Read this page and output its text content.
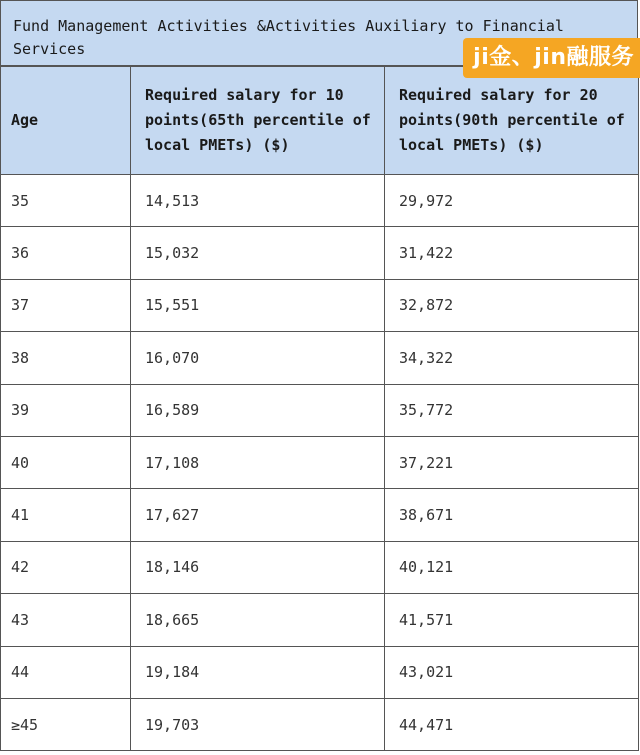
Fund Management Activities &Activities Auxiliary to Financial Services
Age	Required salary for 10 points(65th percentile of local PMETs) ($)	Required salary for 20 points(90th percentile of local PMETs) ($)
35	14,513	29,972
36	15,032	31,422
37	15,551	32,872
38	16,070	34,322
39	16,589	35,772
40	17,108	37,221
41	17,627	38,671
42	18,146	40,121
43	18,665	41,571
44	19,184	43,021
≥45	19,703	44,471
ji金、jin融服务
